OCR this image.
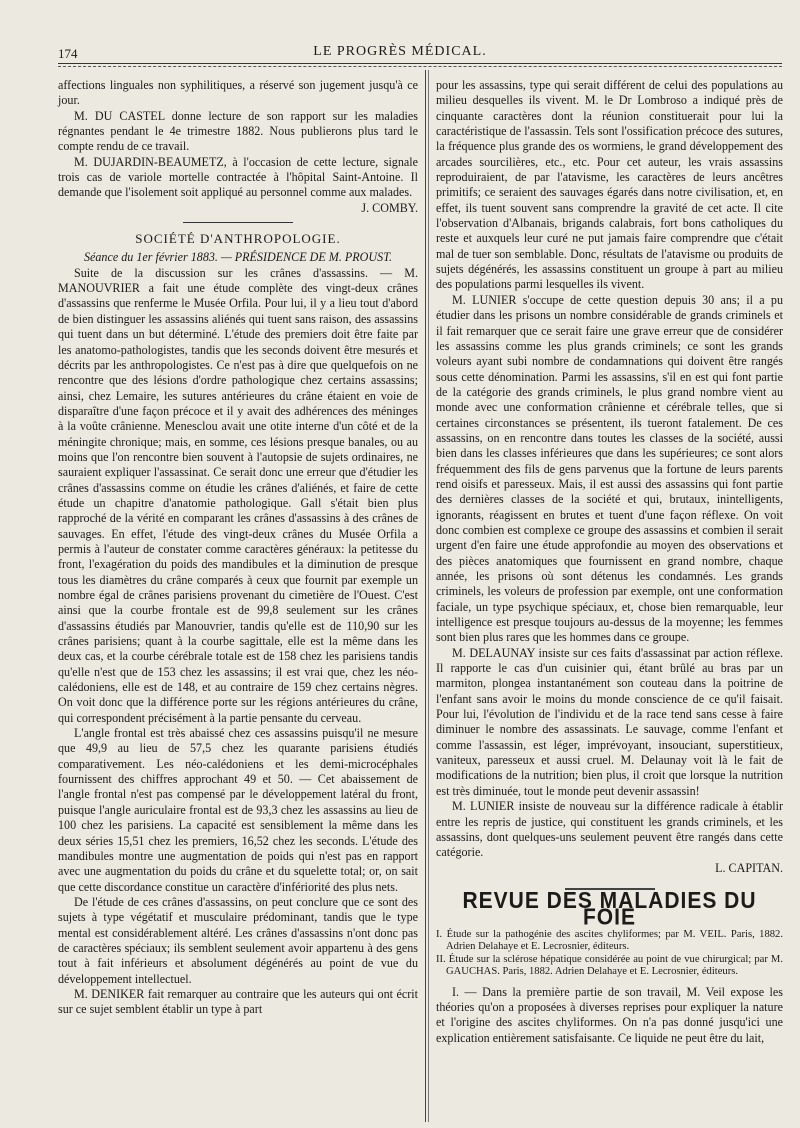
174	LE PROGRÈS MÉDICAL.

affections linguales non syphilitiques, a réservé son jugement jusqu'à ce jour.

M. DU CASTEL donne lecture de son rapport sur les maladies régnantes pendant le 4e trimestre 1882. Nous publierons plus tard le compte rendu de ce travail.

M. DUJARDIN-BEAUMETZ, à l'occasion de cette lecture, signale trois cas de variole mortelle contractée à l'hôpital Saint-Antoine. Il demande que l'isolement soit appliqué au personnel comme aux malades.

J. COMBY.

SOCIÉTÉ D'ANTHROPOLOGIE.

Séance du 1er février 1883. — PRÉSIDENCE DE M. PROUST.

Suite de la discussion sur les crânes d'assassins. — M. MANOUVRIER a fait une étude complète des vingt-deux crânes d'assassins que renferme le Musée Orfila. Pour lui, il y a lieu tout d'abord de bien distinguer les assassins aliénés qui tuent sans raison, des assassins qui tuent dans un but déterminé. L'étude des premiers doit être faite par les anatomo-pathologistes, tandis que les seconds doivent être mesurés et décrits par les anthropologistes. Ce n'est pas à dire que quelquefois on ne rencontre que des lésions d'ordre pathologique chez certains assassins; ainsi, chez Lemaire, les sutures antérieures du crâne étaient en voie de disparaître d'une façon précoce et il y avait des adhérences des méninges à la voûte crânienne. Menesclou avait une otite interne d'un côté et de la méningite chronique; mais, en somme, ces lésions presque banales, ou au moins que l'on rencontre bien souvent à l'autopsie de sujets ordinaires, ne sauraient expliquer l'assassinat. Ce serait donc une erreur que d'étudier les crânes d'assassins comme on étudie les crânes d'aliénés, et faire de cette étude un chapitre d'anatomie pathologique. Gall s'était bien plus rapproché de la vérité en comparant les crânes d'assassins à des crânes de sauvages. En effet, l'étude des vingt-deux crânes du Musée Orfila a permis à l'auteur de constater comme caractères généraux: la petitesse du front, l'exagération du poids des mandibules et la diminution de presque tous les diamètres du crâne comparés à ceux que fournit par exemple un nombre égal de crânes parisiens provenant du cimetière de l'Ouest. C'est ainsi que la courbe frontale est de 99,8 seulement sur les crânes d'assassins étudiés par Manouvrier, tandis qu'elle est de 110,90 sur les crânes parisiens; quant à la courbe sagittale, elle est la même dans les deux cas, et la courbe cérébrale totale est de 158 chez les parisiens tandis qu'elle n'est que de 153 chez les assassins; il est vrai que, chez les néo-calédoniens, elle est de 148, et au contraire de 159 chez certains nègres. On voit donc que la différence porte sur les régions antérieures du crâne, qui correspondent précisément à la partie pensante du cerveau.

L'angle frontal est très abaissé chez ces assassins puisqu'il ne mesure que 49,9 au lieu de 57,5 chez les quarante parisiens étudiés comparativement. Les néo-calédoniens et les demi-microcéphales fournissent des chiffres approchant 49 et 50. — Cet abaissement de l'angle frontal n'est pas compensé par le développement latéral du front, puisque l'angle auriculaire frontal est de 93,3 chez les assassins au lieu de 100 chez les parisiens. La capacité est sensiblement la même dans les deux séries 15,51 chez les premiers, 16,52 chez les seconds. L'étude des mandibules montre une augmentation de poids qui n'est pas en rapport avec une augmentation du poids du crâne et du squelette total; or, on sait que cette discordance constitue un caractère d'infériorité des plus nets.

De l'étude de ces crânes d'assassins, on peut conclure que ce sont des sujets à type végétatif et musculaire prédominant, tandis que le type mental est considérablement altéré. Les crânes d'assassins n'ont donc pas de caractères spéciaux; ils semblent seulement avoir appartenu à des gens tout à fait inférieurs et absolument dégénérés au point de vue du développement intellectuel.

M. DENIKER fait remarquer au contraire que les auteurs qui ont écrit sur ce sujet semblent établir un type à part

pour les assassins, type qui serait différent de celui des populations au milieu desquelles ils vivent. M. le Dr Lombroso a indiqué près de cinquante caractères dont la réunion constituerait pour lui la caractéristique de l'assassin. Tels sont l'ossification précoce des sutures, la fréquence plus grande des os wormiens, le grand développement des arcades sourcilières, etc., etc. Pour cet auteur, les vrais assassins reproduiraient, de par l'atavisme, les caractères de leurs ancêtres primitifs; ce seraient des sauvages égarés dans notre civilisation, et, en effet, ils tuent souvent sans comprendre la gravité de cet acte. Il cite l'observation d'Albanais, brigands calabrais, fort bons catholiques du reste et auxquels leur curé ne put jamais faire comprendre que c'était mal de tuer son semblable. Donc, résultats de l'atavisme ou produits de sujets dégénérés, les assassins constituent un groupe à part au milieu des populations parmi lesquelles ils vivent.

M. LUNIER s'occupe de cette question depuis 30 ans; il a pu étudier dans les prisons un nombre considérable de grands criminels et il fait remarquer que ce serait faire une grave erreur que de considérer les assassins comme les plus grands criminels; ce sont les grands voleurs ayant subi nombre de condamnations qui doivent être rangés sous cette dénomination. Parmi les assassins, s'il en est qui font partie de la catégorie des grands criminels, le plus grand nombre vient au monde avec une conformation crânienne et cérébrale telles, que si certaines circonstances se présentent, ils tueront fatalement. De ces assassins, on en rencontre dans toutes les classes de la société, aussi bien dans les classes inférieures que dans les supérieures; ce sont alors fréquemment des fils de gens parvenus que la fortune de leurs parents rend oisifs et paresseux. Mais, il est aussi des assassins qui font partie des dernières classes de la société et qui, brutaux, inintelligents, ignorants, réagissent en brutes et tuent d'une façon réflexe. On voit donc combien est complexe ce groupe des assassins et combien il serait urgent d'en faire une étude approfondie au moyen des observations et des pièces anatomiques que fournissent en grand nombre, chaque année, les prisons où sont détenus les condamnés. Les grands criminels, les voleurs de profession par exemple, ont une conformation faciale, un type psychique spéciaux, et, chose bien remarquable, leur intelligence est presque toujours au-dessus de la moyenne; les femmes sont bien plus rares que les hommes dans ce groupe.

M. DELAUNAY insiste sur ces faits d'assassinat par action réflexe. Il rapporte le cas d'un cuisinier qui, étant brûlé au bras par un marmiton, plongea instantanément son couteau dans la poitrine de l'enfant sans avoir le moins du monde conscience de ce qu'il faisait. Pour lui, l'évolution de l'individu et de la race tend sans cesse à faire diminuer le nombre des assassinats. Le sauvage, comme l'enfant et comme l'assassin, est léger, imprévoyant, insouciant, superstitieux, vaniteux, paresseux et aussi cruel. M. Delaunay voit là le fait de modifications de la nutrition; bien plus, il croit que lorsque la nutrition est très diminuée, tout le monde peut devenir assassin!

M. LUNIER insiste de nouveau sur la différence radicale à établir entre les repris de justice, qui constituent les grands criminels, et les assassins, dont quelques-uns seulement peuvent être rangés dans cette catégorie.

L. CAPITAN.

REVUE DES MALADIES DU FOIE

I. Étude sur la pathogénie des ascites chyliformes; par M. VEIL. Paris, 1882. Adrien Delahaye et E. Lecrosnier, éditeurs.

II. Étude sur la sclérose hépatique considérée au point de vue chirurgical; par M. GAUCHAS. Paris, 1882. Adrien Delahaye et E. Lecrosnier, éditeurs.

I. — Dans la première partie de son travail, M. Veil expose les théories qu'on a proposées à diverses reprises pour expliquer la nature et l'origine des ascites chyliformes. On n'a pas donné jusqu'ici une explication entièrement satisfaisante. Ce liquide ne peut être du lait,
